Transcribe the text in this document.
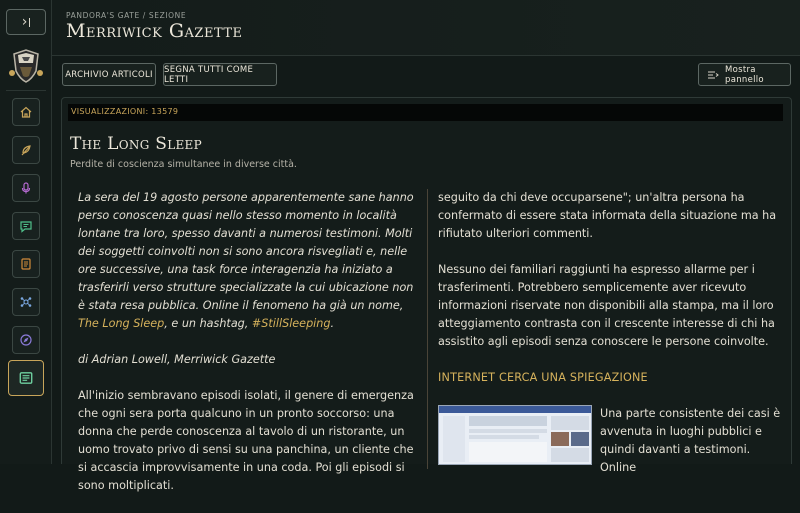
›	PANDORA'S GATE / SEZIONE
Merriwick Gazette
ARCHIVIO ARTICOLI	SEGNA TUTTI COME LETTI
Mostra pannello
VISUALIZZAZIONI: 13579
The Long Sleep
Perdite di coscienza simultanee in diverse città.

La sera del 19 agosto persone apparentemente sane hanno perso conoscenza quasi nello stesso momento in località lontane tra loro, spesso davanti a numerosi testimoni. Molti dei soggetti coinvolti non si sono ancora risvegliati e, nelle ore successive, una task force interagenzia ha iniziato a trasferirli verso strutture specializzate la cui ubicazione non è stata resa pubblica. Online il fenomeno ha già un nome, The Long Sleep, e un hashtag, #StillSleeping.

di Adrian Lowell, Merriwick Gazette

All'inizio sembravano episodi isolati, il genere di emergenza che ogni sera porta qualcuno in un pronto soccorso: una donna che perde conoscenza al tavolo di un ristorante, un uomo trovato privo di sensi su una panchina, un cliente che si accascia improvvisamente in una coda. Poi gli episodi si sono moltiplicati.

seguito da chi deve occuparsene"; un'altra persona ha confermato di essere stata informata della situazione ma ha rifiutato ulteriori commenti.

Nessuno dei familiari raggiunti ha espresso allarme per i trasferimenti. Potrebbero semplicemente aver ricevuto informazioni riservate non disponibili alla stampa, ma il loro atteggiamento contrasta con il crescente interesse di chi ha assistito agli episodi senza conoscere le persone coinvolte.

INTERNET CERCA UNA SPIEGAZIONE

Una parte consistente dei casi è avvenuta in luoghi pubblici e quindi davanti a testimoni. Online
